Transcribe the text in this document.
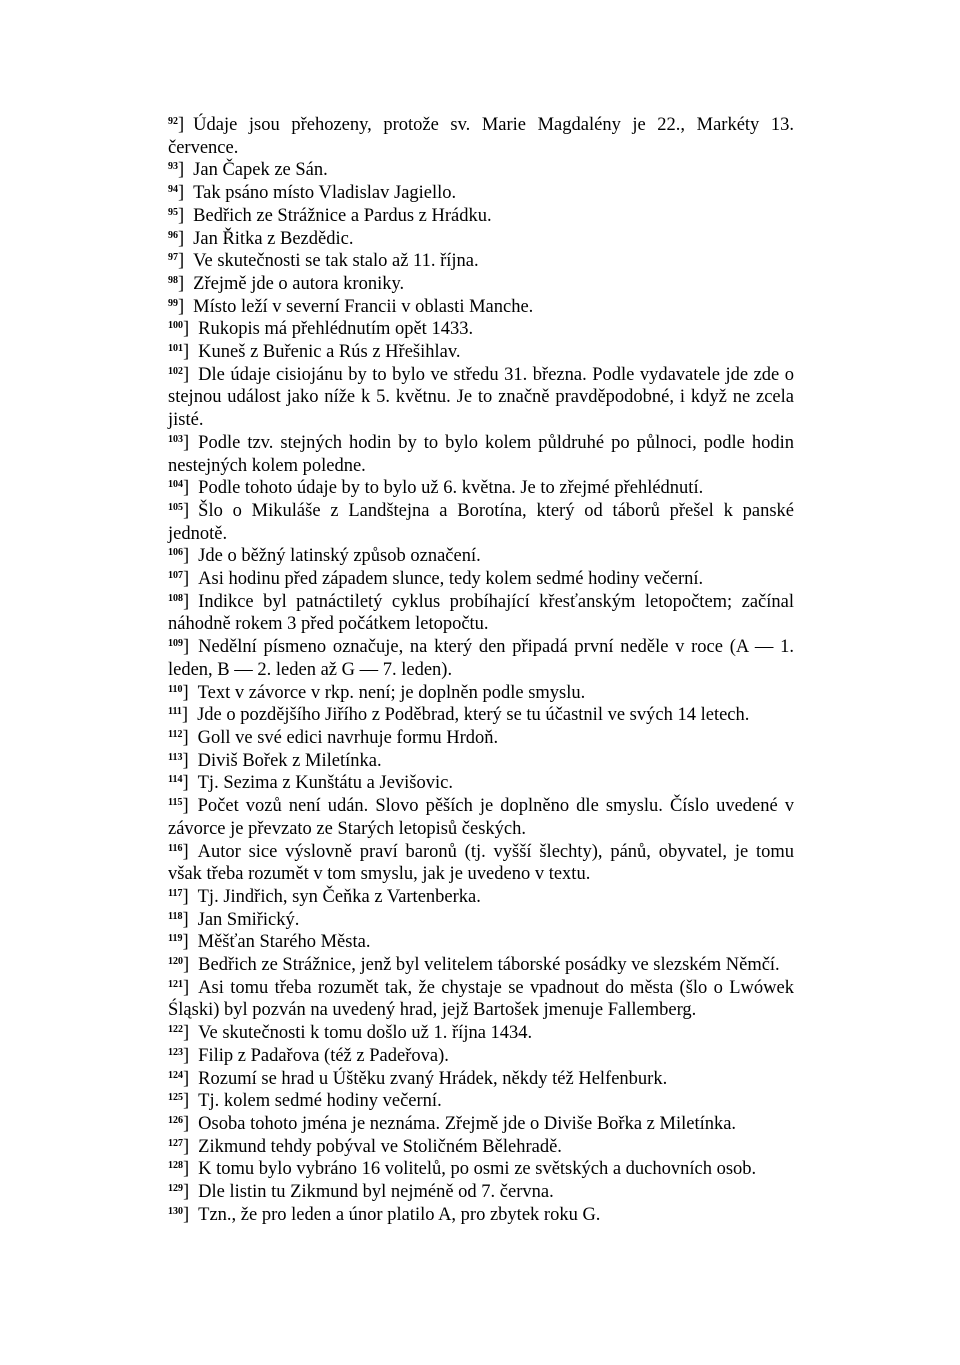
$^{92}$] Údaje jsou přehozeny, protože sv. Marie Magdalény je 22., Markéty 13. července.

$^{93}$] Jan Čapek ze Sán.

$^{94}$] Tak psáno místo Vladislav Jagiello.

$^{95}$] Bedřich ze Strážnice a Pardus z Hrádku.

$^{96}$] Jan Řitka z Bezdědic.

$^{97}$] Ve skutečnosti se tak stalo až 11. října.

$^{98}$] Zřejmě jde o autora kroniky.

$^{99}$] Místo leží v severní Francii v oblasti Manche.

$^{100}$] Rukopis má přehlédnutím opět 1433.

$^{101}$] Kuneš z Buřenic a Rús z Hřešihlav.

$^{102}$] Dle údaje cisiojánu by to bylo ve středu 31. března. Podle vydavatele jde zde o stejnou událost jako níže k 5. květnu. Je to značně pravděpodobné, i když ne zcela jisté.

$^{103}$] Podle tzv. stejných hodin by to bylo kolem půldruhé po půlnoci, podle hodin nestejných kolem poledne.

$^{104}$] Podle tohoto údaje by to bylo už 6. května. Je to zřejmé přehlédnutí.

$^{105}$] Šlo o Mikuláše z Landštejna a Borotína, který od táborů přešel k panské jednotě.

$^{106}$] Jde o běžný latinský způsob označení.

$^{107}$] Asi hodinu před západem slunce, tedy kolem sedmé hodiny večerní.

$^{108}$] Indikce byl patnáctiletý cyklus probíhající křesťanským letopočtem; začínal náhodně rokem 3 před počátkem letopočtu.

$^{109}$] Nedělní písmeno označuje, na který den připadá první neděle v roce (A — 1. leden, B — 2. leden až G — 7. leden).

$^{110}$] Text v závorce v rkp. není; je doplněn podle smyslu.

$^{111}$] Jde o pozdějšího Jiřího z Poděbrad, který se tu účastnil ve svých 14 letech.

$^{112}$] Goll ve své edici navrhuje formu Hrdoň.

$^{113}$] Diviš Bořek z Miletínka.

$^{114}$] Tj. Sezima z Kunštátu a Jevišovic.

$^{115}$] Počet vozů není udán. Slovo pěších je doplněno dle smyslu. Číslo uvedené v závorce je převzato ze Starých letopisů českých.

$^{116}$] Autor sice výslovně praví baronů (tj. vyšší šlechty), pánů, obyvatel, je tomu však třeba rozumět v tom smyslu, jak je uvedeno v textu.

$^{117}$] Tj. Jindřich, syn Čeňka z Vartenberka.

$^{118}$] Jan Smiřický.

$^{119}$] Měšťan Starého Města.

$^{120}$] Bedřich ze Strážnice, jenž byl velitelem táborské posádky ve slezském Němčí.

$^{121}$] Asi tomu třeba rozumět tak, že chystaje se vpadnout do města (šlo o Lwówek Śląski) byl pozván na uvedený hrad, jejž Bartošek jmenuje Fallemberg.

$^{122}$] Ve skutečnosti k tomu došlo už 1. října 1434.

$^{123}$] Filip z Padařova (též z Padeřova).

$^{124}$] Rozumí se hrad u Úštěku zvaný Hrádek, někdy též Helfenburk.

$^{125}$] Tj. kolem sedmé hodiny večerní.

$^{126}$] Osoba tohoto jména je neznáma. Zřejmě jde o Diviše Bořka z Miletínka.

$^{127}$] Zikmund tehdy pobýval ve Stoličném Bělehradě.

$^{128}$] K tomu bylo vybráno 16 volitelů, po osmi ze světských a duchovních osob.

$^{129}$] Dle listin tu Zikmund byl nejméně od 7. června.

$^{130}$] Tzn., že pro leden a únor platilo A, pro zbytek roku G.
